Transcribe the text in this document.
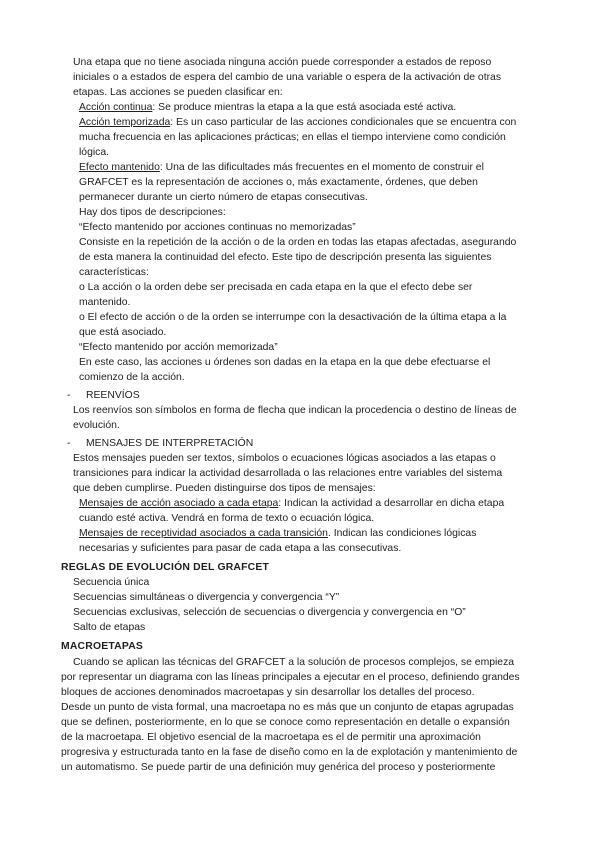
Una etapa que no tiene asociada ninguna acción puede corresponder a estados de reposo
iniciales o a estados de espera del cambio de una variable o espera de la activación de otras
etapas. Las acciones se pueden clasificar en:
Acción continua: Se produce mientras la etapa a la que está asociada esté activa.
Acción temporizada: Es un caso particular de las acciones condicionales que se encuentra con
mucha frecuencia en las aplicaciones prácticas; en ellas el tiempo interviene como condición
lógica.
Efecto mantenido: Una de las dificultades más frecuentes en el momento de construir el
GRAFCET es la representación de acciones o, más exactamente, órdenes, que deben
permanecer durante un cierto número de etapas consecutivas.
Hay dos tipos de descripciones:
“Efecto mantenido por acciones continuas no memorizadas”
Consiste en la repetición de la acción o de la orden en todas las etapas afectadas, asegurando
de esta manera la continuidad del efecto. Este tipo de descripción presenta las siguientes
características:
o La acción o la orden debe ser precisada en cada etapa en la que el efecto debe ser
mantenido.
o El efecto de acción o de la orden se interrumpe con la desactivación de la última etapa a la
que está asociado.
“Efecto mantenido por acción memorizada”
En este caso, las acciones u órdenes son dadas en la etapa en la que debe efectuarse el
comienzo de la acción.
- REENVÍOS
Los reenvíos son símbolos en forma de flecha que indican la procedencia o destino de líneas de
evolución.
- MENSAJES DE INTERPRETACIÓN
Estos mensajes pueden ser textos, símbolos o ecuaciones lógicas asociados a las etapas o
transiciones para indicar la actividad desarrollada o las relaciones entre variables del sistema
que deben cumplirse. Pueden distinguirse dos tipos de mensajes:
Mensajes de acción asociado a cada etapa: Indican la actividad a desarrollar en dicha etapa
cuando esté activa. Vendrá en forma de texto o ecuación lógica.
Mensajes de receptividad asociados a cada transición. Indican las condiciones lógicas
necesarias y suficientes para pasar de cada etapa a las consecutivas.
REGLAS DE EVOLUCIÓN DEL GRAFCET
Secuencia única
Secuencias simultáneas o divergencia y convergencia “Y”
Secuencias exclusivas, selección de secuencias o divergencia y convergencia en “O”
Salto de etapas
MACROETAPAS
Cuando se aplican las técnicas del GRAFCET a la solución de procesos complejos, se empieza
por representar un diagrama con las líneas principales a ejecutar en el proceso, definiendo grandes
bloques de acciones denominados macroetapas y sin desarrollar los detalles del proceso.
Desde un punto de vista formal, una macroetapa no es más que un conjunto de etapas agrupadas
que se definen, posteriormente, en lo que se conoce como representación en detalle o expansión
de la macroetapa. El objetivo esencial de la macroetapa es el de permitir una aproximación
progresiva y estructurada tanto en la fase de diseño como en la de explotación y mantenimiento de
un automatismo. Se puede partir de una definición muy genérica del proceso y posteriormente
